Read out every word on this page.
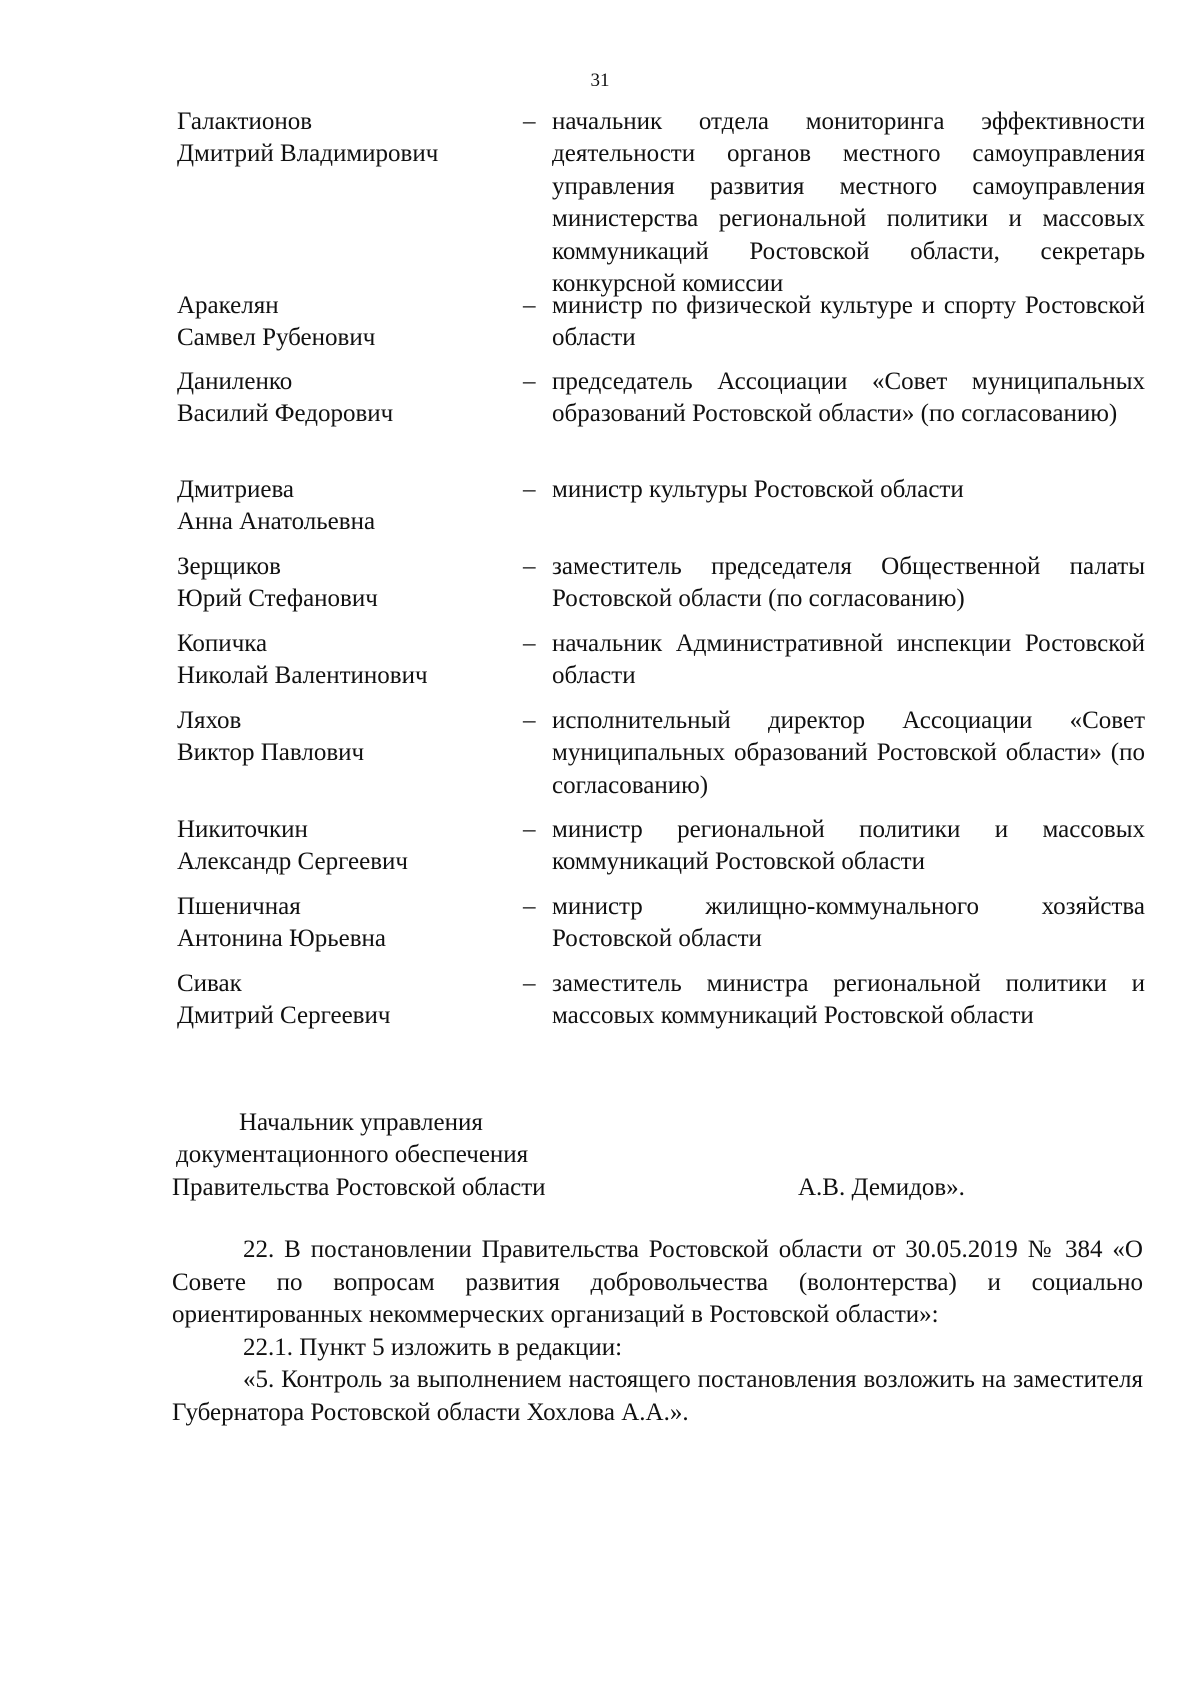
31
Галактионов
Дмитрий Владимирович
– начальник отдела мониторинга эффективности деятельности органов местного самоуправления управления развития местного самоуправления министерства региональной политики и массовых коммуникаций Ростовской области, секретарь конкурсной комиссии
Аракелян
Самвел Рубенович
– министр по физической культуре и спорту Ростовской области
Даниленко
Василий Федорович
– председатель Ассоциации «Совет муниципальных образований Ростовской области» (по согласованию)
Дмитриева
Анна Анатольевна
– министр культуры Ростовской области
Зерщиков
Юрий Стефанович
– заместитель председателя Общественной палаты Ростовской области (по согласованию)
Копичка
Николай Валентинович
– начальник Административной инспекции Ростовской области
Ляхов
Виктор Павлович
– исполнительный директор Ассоциации «Совет муниципальных образований Ростовской области» (по согласованию)
Никиточкин
Александр Сергеевич
– министр региональной политики и массовых коммуникаций Ростовской области
Пшеничная
Антонина Юрьевна
– министр жилищно-коммунального хозяйства Ростовской области
Сивак
Дмитрий Сергеевич
– заместитель министра региональной политики и массовых коммуникаций Ростовской области
Начальник управления
документационного обеспечения
Правительства Ростовской области	А.В. Демидов».

22. В постановлении Правительства Ростовской области от 30.05.2019 № 384 «О Совете по вопросам развития добровольчества (волонтерства) и социально ориентированных некоммерческих организаций в Ростовской области»:

22.1. Пункт 5 изложить в редакции:

«5. Контроль за выполнением настоящего постановления возложить на заместителя Губернатора Ростовской области Хохлова А.А.».
